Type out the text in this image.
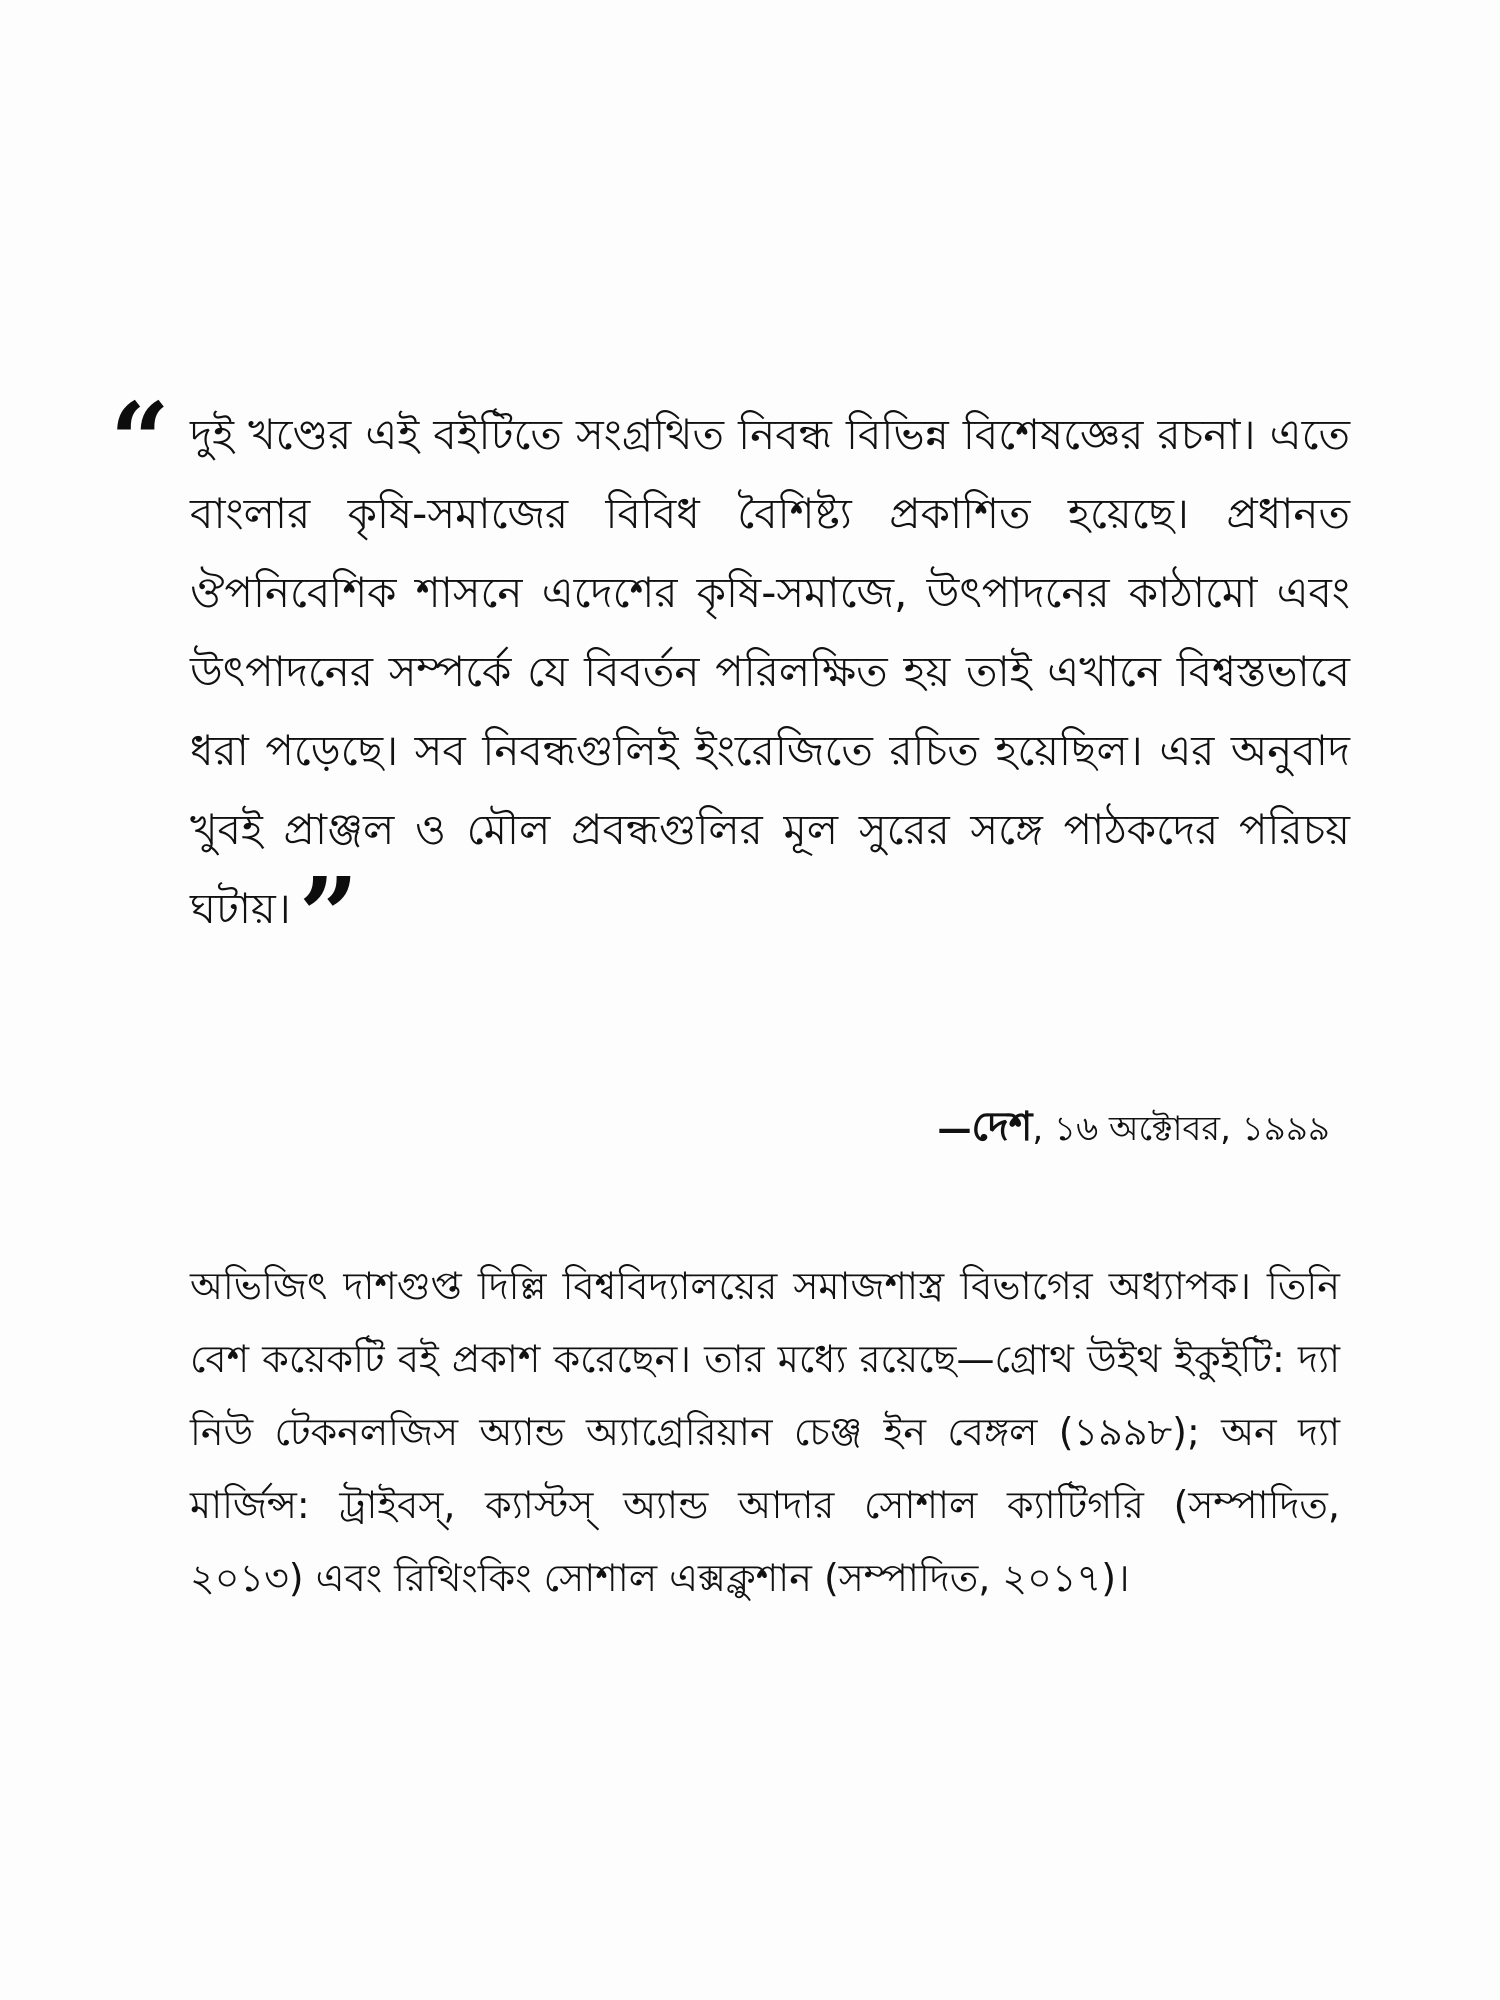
“ দুই খণ্ডের এই বইটিতে সংগ্রথিত নিবন্ধ বিভিন্ন বিশেষজ্ঞের রচনা। এতে বাংলার কৃষি-সমাজের বিবিধ বৈশিষ্ট্য প্রকাশিত হয়েছে। প্রধানত ঔপনিবেশিক শাসনে এদেশের কৃষি-সমাজে, উৎপাদনের কাঠামো এবং উৎপাদনের সম্পর্কে যে বিবর্তন পরিলক্ষিত হয় তাই এখানে বিশ্বস্তভাবে ধরা পড়েছে। সব নিবন্ধগুলিই ইংরেজিতে রচিত হয়েছিল। এর অনুবাদ খুবই প্রাঞ্জল ও মৌল প্রবন্ধগুলির মূল সুরের সঙ্গে পাঠকদের পরিচয় ঘটায়।”

—দেশ, ১৬ অক্টোবর, ১৯৯৯

অভিজিৎ দাশগুপ্ত দিল্লি বিশ্ববিদ্যালয়ের সমাজশাস্ত্র বিভাগের অধ্যাপক। তিনি বেশ কয়েকটি বই প্রকাশ করেছেন। তার মধ্যে রয়েছে—গ্রোথ উইথ ইকুইটি: দ্যা নিউ টেকনলজিস অ্যান্ড অ্যাগ্রেরিয়ান চেঞ্জ ইন বেঙ্গল (১৯৯৮); অন দ্যা মার্জিন্স: ট্রাইবস্, ক্যাস্টস্ অ্যান্ড আদার সোশাল ক্যাটিগরি (সম্পাদিত, ২০১৩) এবং রিথিংকিং সোশাল এক্সক্লুশান (সম্পাদিত, ২০১৭)।
